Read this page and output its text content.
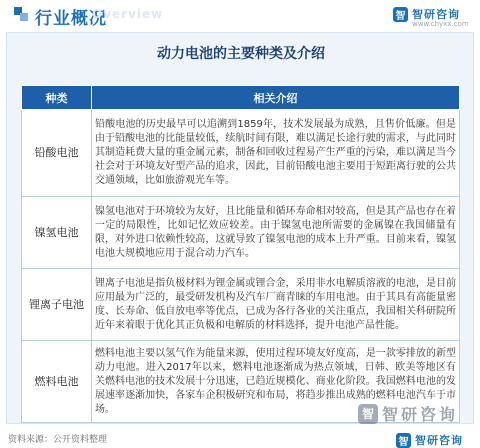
行业概况
Overview	智 智研咨询
www.chyxx.com
动力电池的主要种类及介绍
种类	相关介绍
铅酸电池	铅酸电池的历史最早可以追溯到1859年，技术发展最为成熟，且售价低廉。但是由于铅酸电池的比能量较低，续航时间有限，难以满足长途行驶的需求，与此同时其制造耗费大量的重金属元素，制备和回收过程易产生严重的污染，难以满足当今社会对于环境友好型产品的追求，因此，目前铅酸电池主要用于短距离行驶的公共交通领域，比如旅游观光车等。
镍氢电池	镍氢电池对于环境较为友好，且比能量和循环寿命相对较高，但是其产品也存在着一定的局限性，比如记忆效应较差。由于镍氢电池所需要的金属镍在我国储量有限，对外进口依赖性较高，这就导致了镍氢电池的成本上升严重。目前来看，镍氢电池大规模地应用于混合动力汽车。
锂离子电池	锂离子电池是指负极材料为锂金属或锂合金，采用非水电解质溶液的电池，是目前应用最为广泛的，最受研发机构及汽车厂商青睐的车用电池。由于其具有高能量密度、长寿命、低自放电率等优点，已成为各行各业的关注重点，我国相关科研院所近年来着眼于优化其正负极和电解质的材料选择，提升电池产品性能。
燃料电池	燃料电池主要以氢气作为能量来源，使用过程环境友好度高，是一款零排放的新型动力电池。进入2017年以来，燃料电池逐渐成为热点领域，日韩、欧美等地区有关燃料电池的技术发展十分迅速，已趋近规模化、商业化阶段。我国燃料电池的发展速率逐渐加快，各家车企积极研究和布局，将趋步推出成熟的燃料电池汽车于市场。	智 智研咨询
资料来源：公开资料整理	智 智研咨询
